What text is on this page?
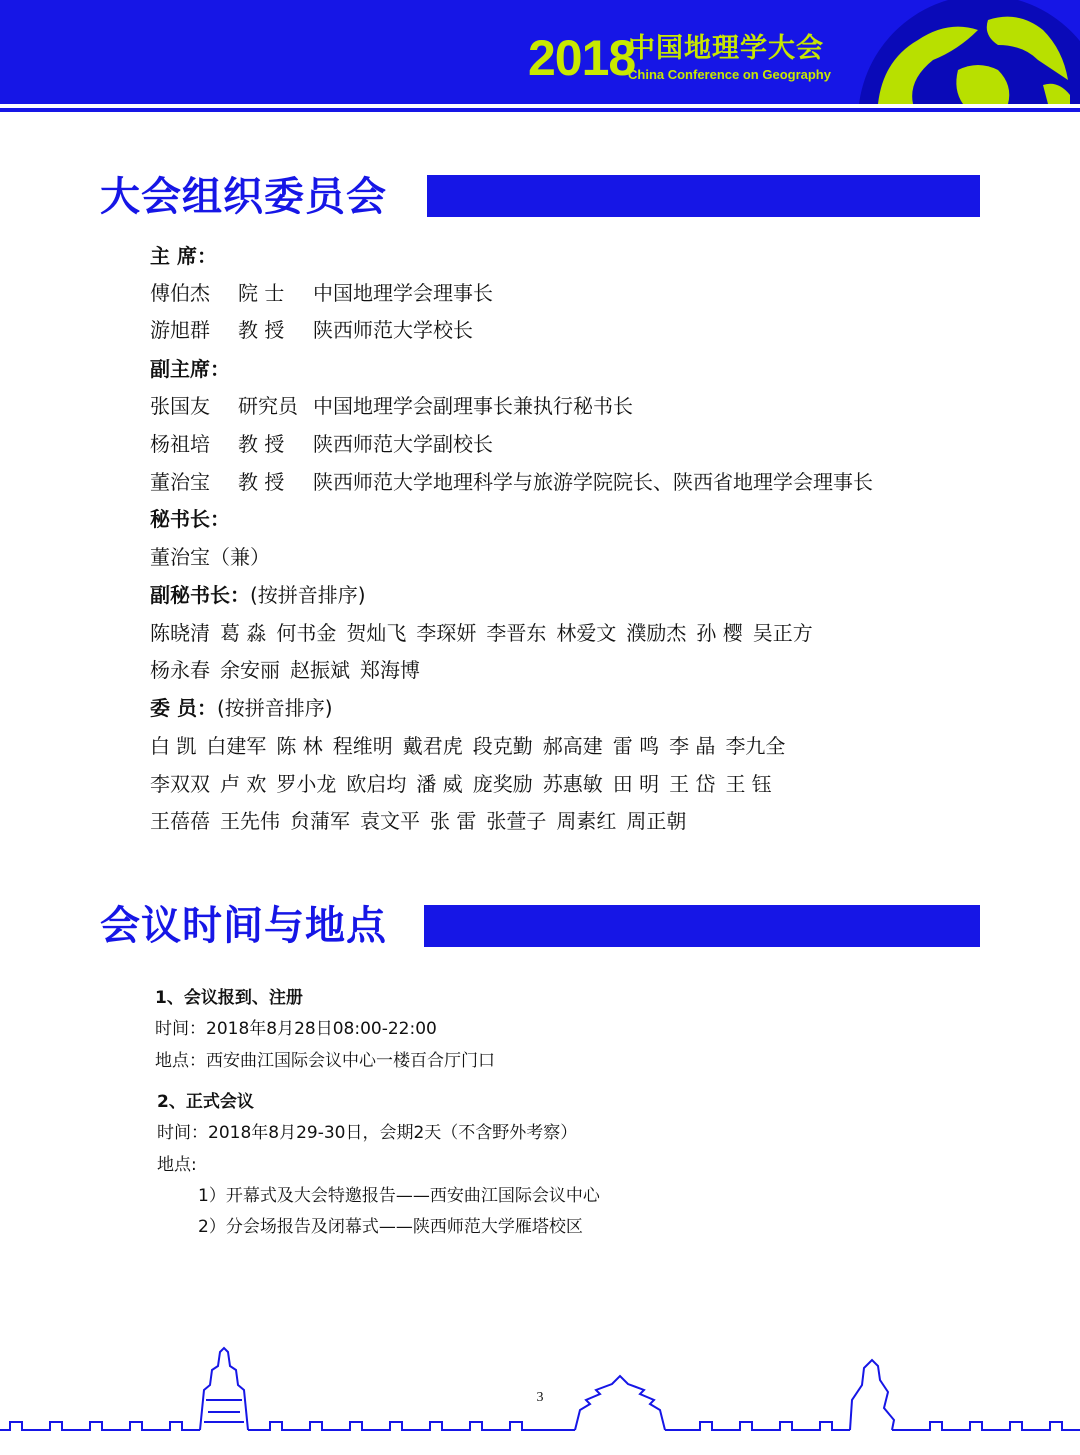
2018
中国地理学大会
China Conference on Geography
大会组织委员会
主 席：
傅伯杰 院 士 中国地理学会理事长
游旭群 教 授 陕西师范大学校长
副主席：
张国友 研究员 中国地理学会副理事长兼执行秘书长
杨祖培 教 授 陕西师范大学副校长
董治宝 教 授 陕西师范大学地理科学与旅游学院院长、陕西省地理学会理事长
秘书长：
董治宝（兼）
副秘书长：(按拼音排序)
陈晓清 葛 淼 何书金 贺灿飞 李琛妍 李晋东 林爱文 濮励杰 孙 樱 吴正方
杨永春 余安丽 赵振斌 郑海博
委 员：(按拼音排序)
白 凯 白建军 陈 林 程维明 戴君虎 段克勤 郝高建 雷 鸣 李 晶 李九全
李双双 卢 欢 罗小龙 欧启均 潘 威 庞奖励 苏惠敏 田 明 王 岱 王 钰
王蓓蓓 王先伟 贠蒲军 袁文平 张 雷 张萱子 周素红 周正朝
会议时间与地点
1、会议报到、注册
时间：2018年8月28日08:00-22:00
地点：西安曲江国际会议中心一楼百合厅门口
2、正式会议
时间：2018年8月29-30日，会期2天（不含野外考察）
地点:
1）开幕式及大会特邀报告——西安曲江国际会议中心
2）分会场报告及闭幕式——陕西师范大学雁塔校区
3
